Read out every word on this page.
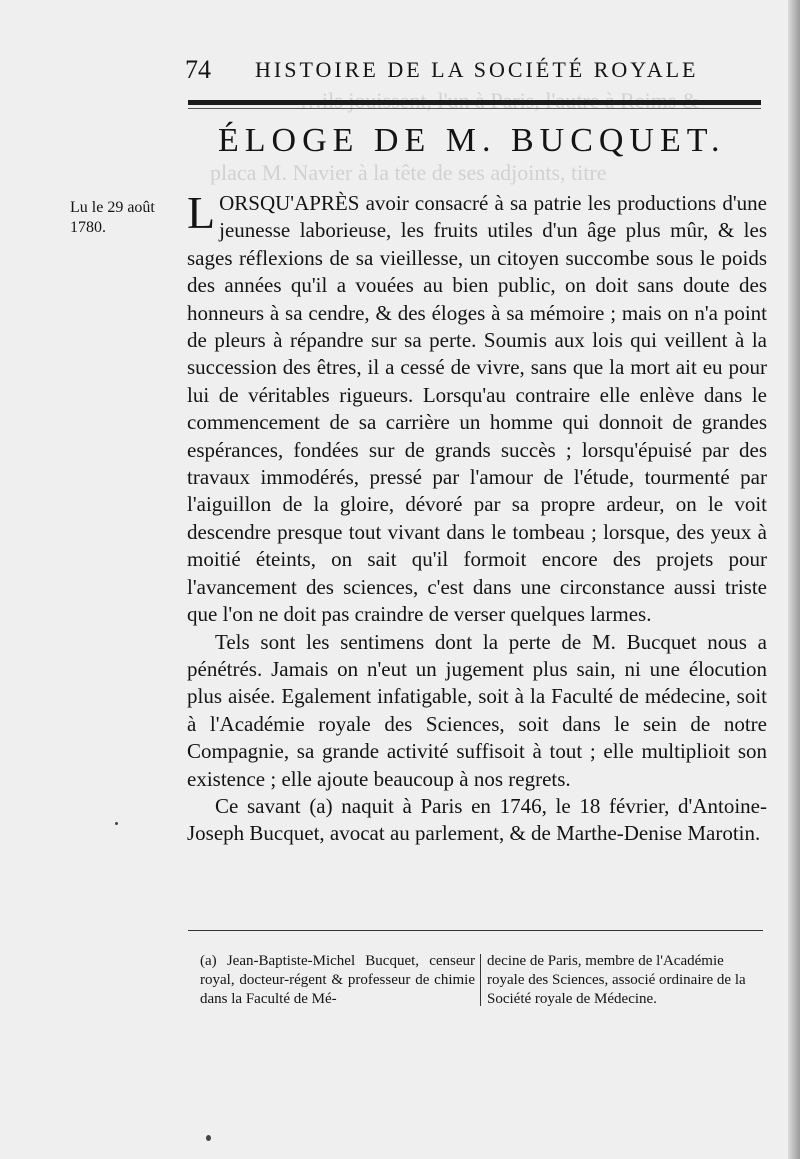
placa M. Navier à la tête de ses adjoints, titre
74 HISTOIRE DE LA SOCIÉTÉ ROYALE
ÉLOGE DE M. BUCQUET.
Lu le 29 août
1780.	LORSQU'APRÈS avoir consacré à sa patrie les productions d'une jeunesse laborieuse, les fruits utiles d'un âge plus mûr, & les sages réflexions de sa vieillesse, un citoyen succombe sous le poids des années qu'il a vouées au bien public, on doit sans doute des honneurs à sa cendre, & des éloges à sa mémoire ; mais on n'a point de pleurs à répandre sur sa perte. Soumis aux lois qui veillent à la succession des êtres, il a cessé de vivre, sans que la mort ait eu pour lui de véritables rigueurs. Lorsqu'au contraire elle enlève dans le commencement de sa carrière un homme qui donnoit de grandes espérances, fondées sur de grands succès ; lorsqu'épuisé par des travaux immodérés, pressé par l'amour de l'étude, tourmenté par l'aiguillon de la gloire, dévoré par sa propre ardeur, on le voit descendre presque tout vivant dans le tombeau ; lorsque, des yeux à moitié éteints, on sait qu'il formoit encore des projets pour l'avancement des sciences, c'est dans une circonstance aussi triste que l'on ne doit pas craindre de verser quelques larmes.

Tels sont les sentimens dont la perte de M. Bucquet nous a pénétrés. Jamais on n'eut un jugement plus sain, ni une élocution plus aisée. Egalement infatigable, soit à la Faculté de médecine, soit à l'Académie royale des Sciences, soit dans le sein de notre Compagnie, sa grande activité suffisoit à tout ; elle multiplioit son existence ; elle ajoute beaucoup à nos regrets.

Ce savant (a) naquit à Paris en 1746, le 18 février, d'Antoine-Joseph Bucquet, avocat au parlement, & de Marthe-Denise Marotin.

(a) Jean-Baptiste-Michel Bucquet, censeur royal, docteur-régent & professeur de chimie dans la Faculté de Mé-
decine de Paris, membre de l'Académie royale des Sciences, associé ordinaire de la Société royale de Médecine.
